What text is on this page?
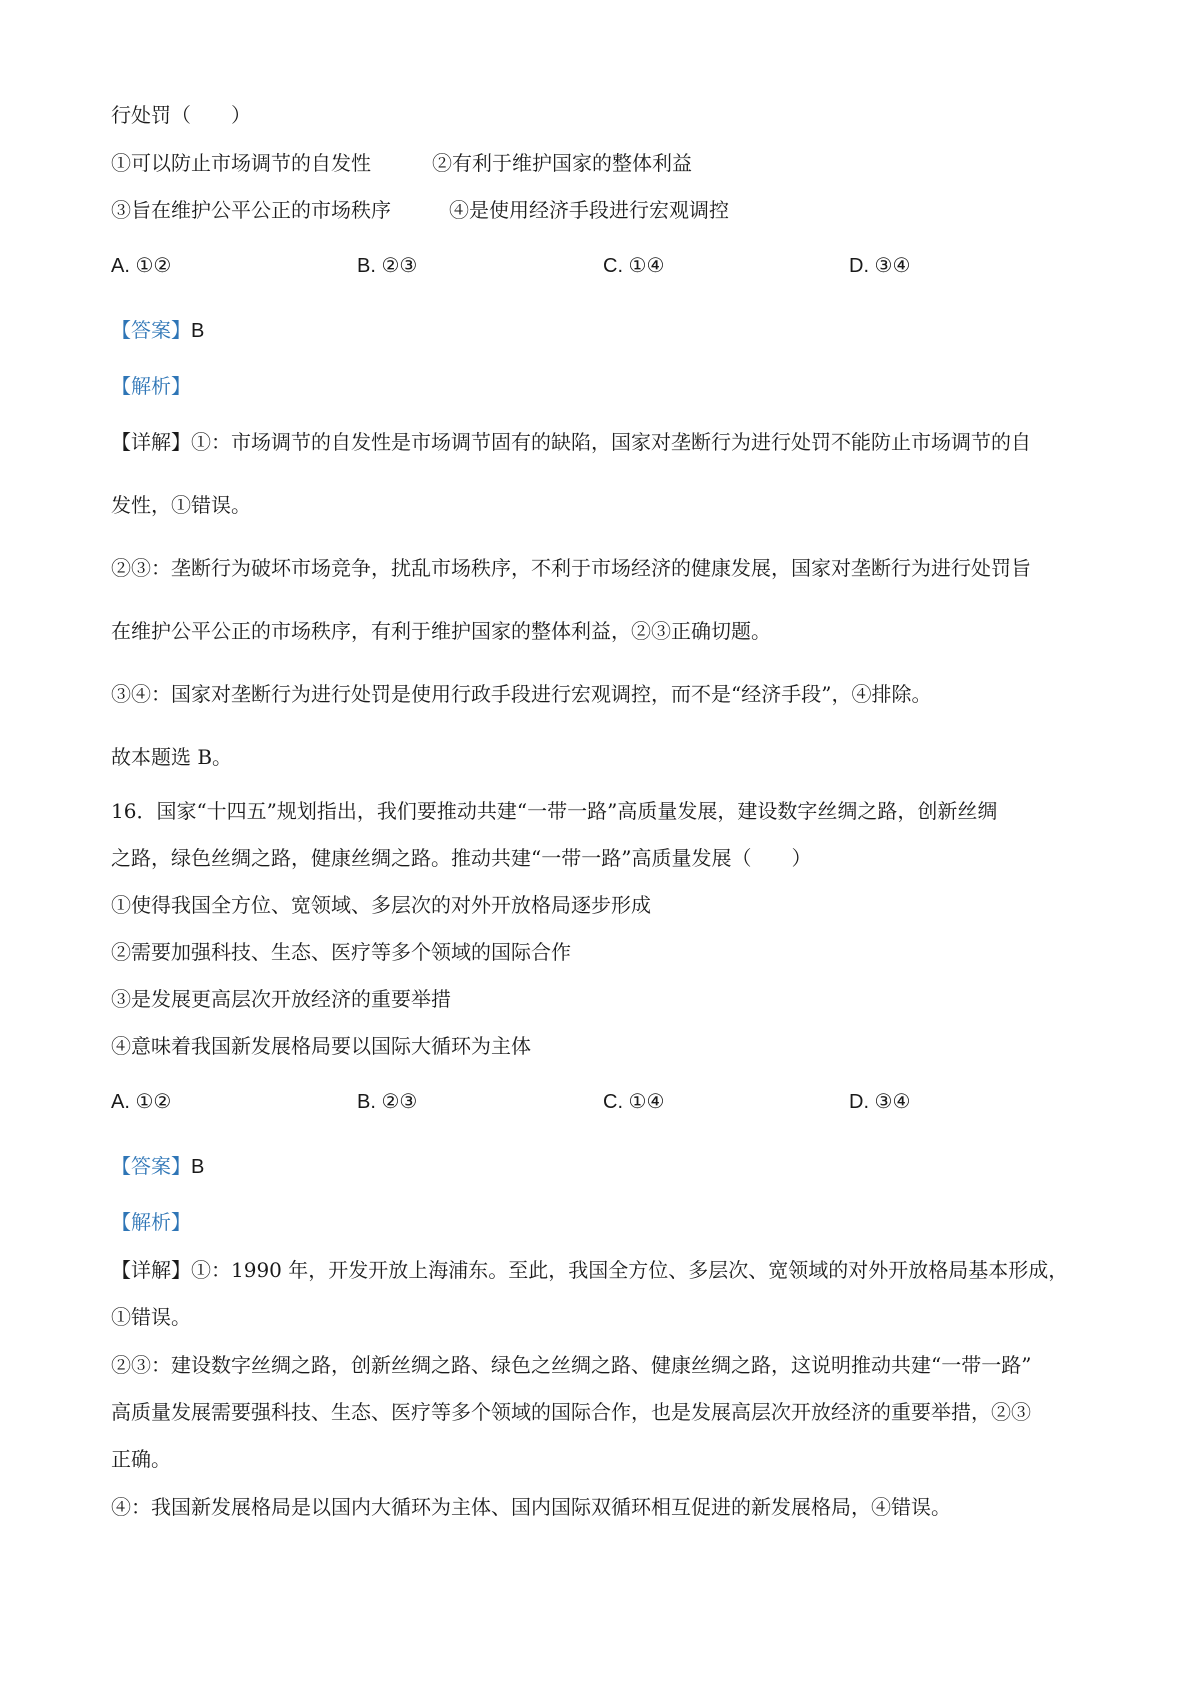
行处罚（　　）
①可以防止市场调节的自发性	②有利于维护国家的整体利益
③旨在维护公平公正的市场秩序	④是使用经济手段进行宏观调控
A. ①②	B. ②③	C. ①④	D. ③④
【答案】B
【解析】
【详解】①：市场调节的自发性是市场调节固有的缺陷，国家对垄断行为进行处罚不能防止市场调节的自
发性，①错误。
②③：垄断行为破坏市场竞争，扰乱市场秩序，不利于市场经济的健康发展，国家对垄断行为进行处罚旨
在维护公平公正的市场秩序，有利于维护国家的整体利益，②③正确切题。
③④：国家对垄断行为进行处罚是使用行政手段进行宏观调控，而不是“经济手段”，④排除。
故本题选 B。
16．国家“十四五”规划指出，我们要推动共建“一带一路”高质量发展，建设数字丝绸之路，创新丝绸
之路，绿色丝绸之路，健康丝绸之路。推动共建“一带一路”高质量发展（　　）
①使得我国全方位、宽领域、多层次的对外开放格局逐步形成
②需要加强科技、生态、医疗等多个领域的国际合作
③是发展更高层次开放经济的重要举措
④意味着我国新发展格局要以国际大循环为主体
A. ①②	B. ②③	C. ①④	D. ③④
【答案】B
【解析】
【详解】①：1990 年，开发开放上海浦东。至此，我国全方位、多层次、宽领域的对外开放格局基本形成，
①错误。
②③：建设数字丝绸之路，创新丝绸之路、绿色之丝绸之路、健康丝绸之路，这说明推动共建“一带一路”
高质量发展需要强科技、生态、医疗等多个领域的国际合作，也是发展高层次开放经济的重要举措，②③
正确。
④：我国新发展格局是以国内大循环为主体、国内国际双循环相互促进的新发展格局，④错误。
